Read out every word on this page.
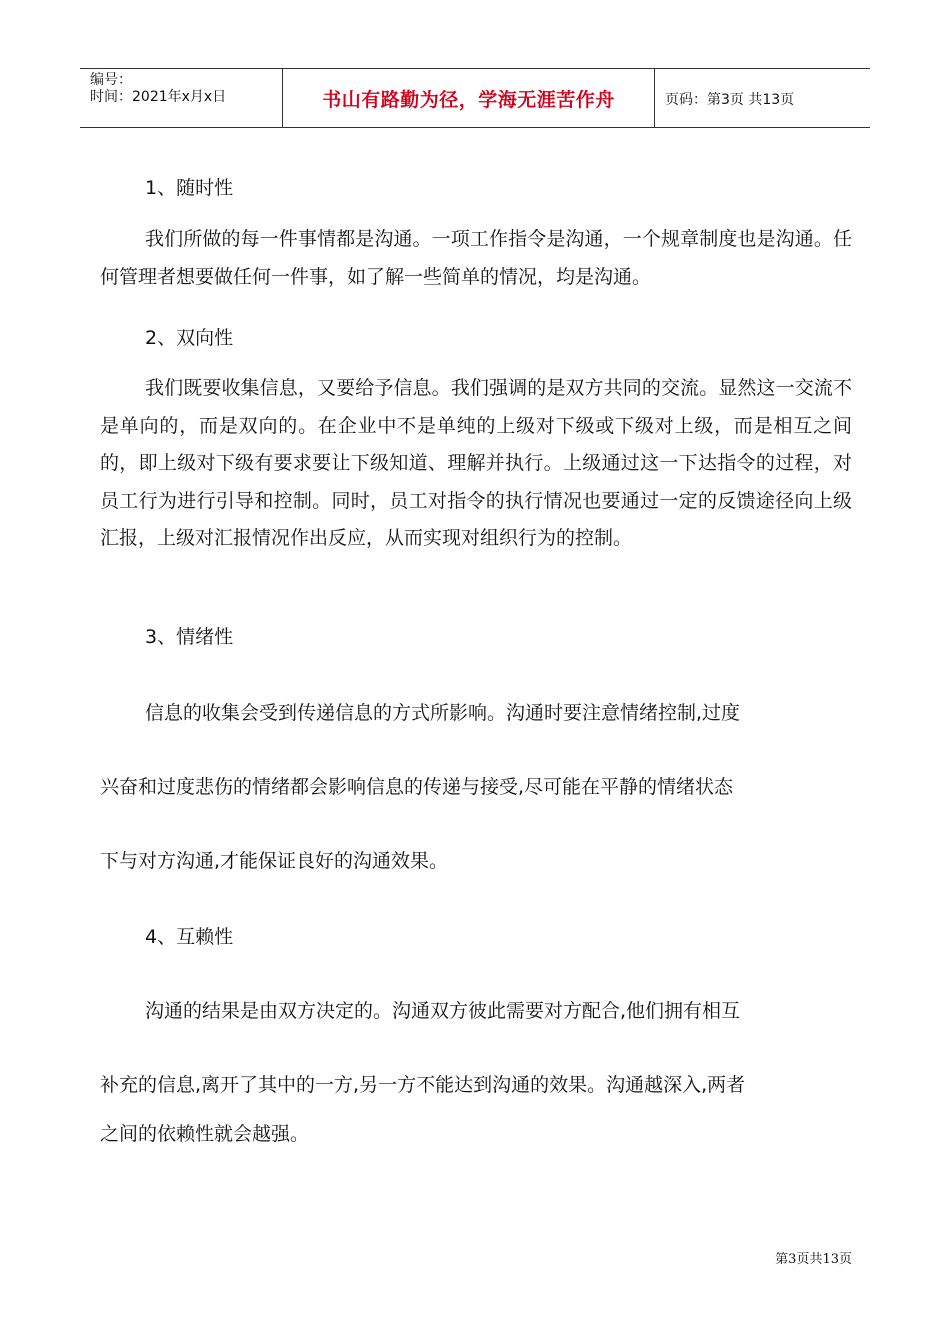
编号：
时间：2021年x月x日	书山有路勤为径，学海无涯苦作舟	页码：第3页 共13页

1、随时性

我们所做的每一件事情都是沟通。一项工作指令是沟通，一个规章制度也是沟通。任何管理者想要做任何一件事，如了解一些简单的情况，均是沟通。

2、双向性

我们既要收集信息，又要给予信息。我们强调的是双方共同的交流。显然这一交流不是单向的，而是双向的。在企业中不是单纯的上级对下级或下级对上级，而是相互之间的，即上级对下级有要求要让下级知道、理解并执行。上级通过这一下达指令的过程，对员工行为进行引导和控制。同时，员工对指令的执行情况也要通过一定的反馈途径向上级汇报，上级对汇报情况作出反应，从而实现对组织行为的控制。

3、情绪性

信息的收集会受到传递信息的方式所影响。沟通时要注意情绪控制,过度

兴奋和过度悲伤的情绪都会影响信息的传递与接受,尽可能在平静的情绪状态

下与对方沟通,才能保证良好的沟通效果。

4、互赖性

沟通的结果是由双方决定的。沟通双方彼此需要对方配合,他们拥有相互

补充的信息,离开了其中的一方,另一方不能达到沟通的效果。沟通越深入,两者

之间的依赖性就会越强。

第3页共13页
